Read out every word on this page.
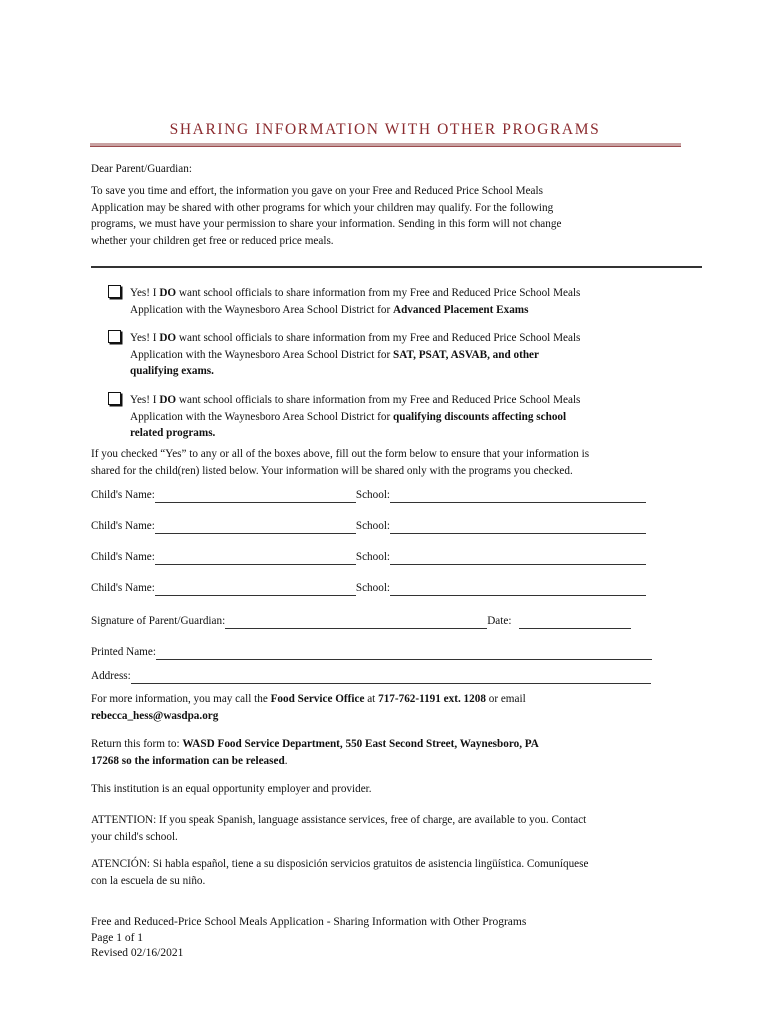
SHARING INFORMATION WITH OTHER PROGRAMS
Dear Parent/Guardian:
To save you time and effort, the information you gave on your Free and Reduced Price School Meals
Application may be shared with other programs for which your children may qualify. For the following
programs, we must have your permission to share your information. Sending in this form will not change
whether your children get free or reduced price meals.
Yes! I DO want school officials to share information from my Free and Reduced Price School Meals
Application with the Waynesboro Area School District for Advanced Placement Exams
Yes! I DO want school officials to share information from my Free and Reduced Price School Meals
Application with the Waynesboro Area School District for SAT, PSAT, ASVAB, and other
qualifying exams.
Yes! I DO want school officials to share information from my Free and Reduced Price School Meals
Application with the Waynesboro Area School District for qualifying discounts affecting school
related programs.
If you checked “Yes” to any or all of the boxes above, fill out the form below to ensure that your information is
shared for the child(ren) listed below. Your information will be shared only with the programs you checked.
Child's Name:	School:
Child's Name:	School:
Child's Name:	School:
Child's Name:	School:
Signature of Parent/Guardian:	Date:
Printed Name:
Address:
For more information, you may call the Food Service Office at 717-762-1191 ext. 1208 or email
rebecca_hess@wasdpa.org
Return this form to: WASD Food Service Department, 550 East Second Street, Waynesboro, PA
17268 so the information can be released.
This institution is an equal opportunity employer and provider.
ATTENTION: If you speak Spanish, language assistance services, free of charge, are available to you. Contact
your child's school.
ATENCIÓN: Si habla español, tiene a su disposición servicios gratuitos de asistencia lingüística. Comuníquese
con la escuela de su niño.
Free and Reduced-Price School Meals Application - Sharing Information with Other Programs
Page 1 of 1
Revised 02/16/2021
